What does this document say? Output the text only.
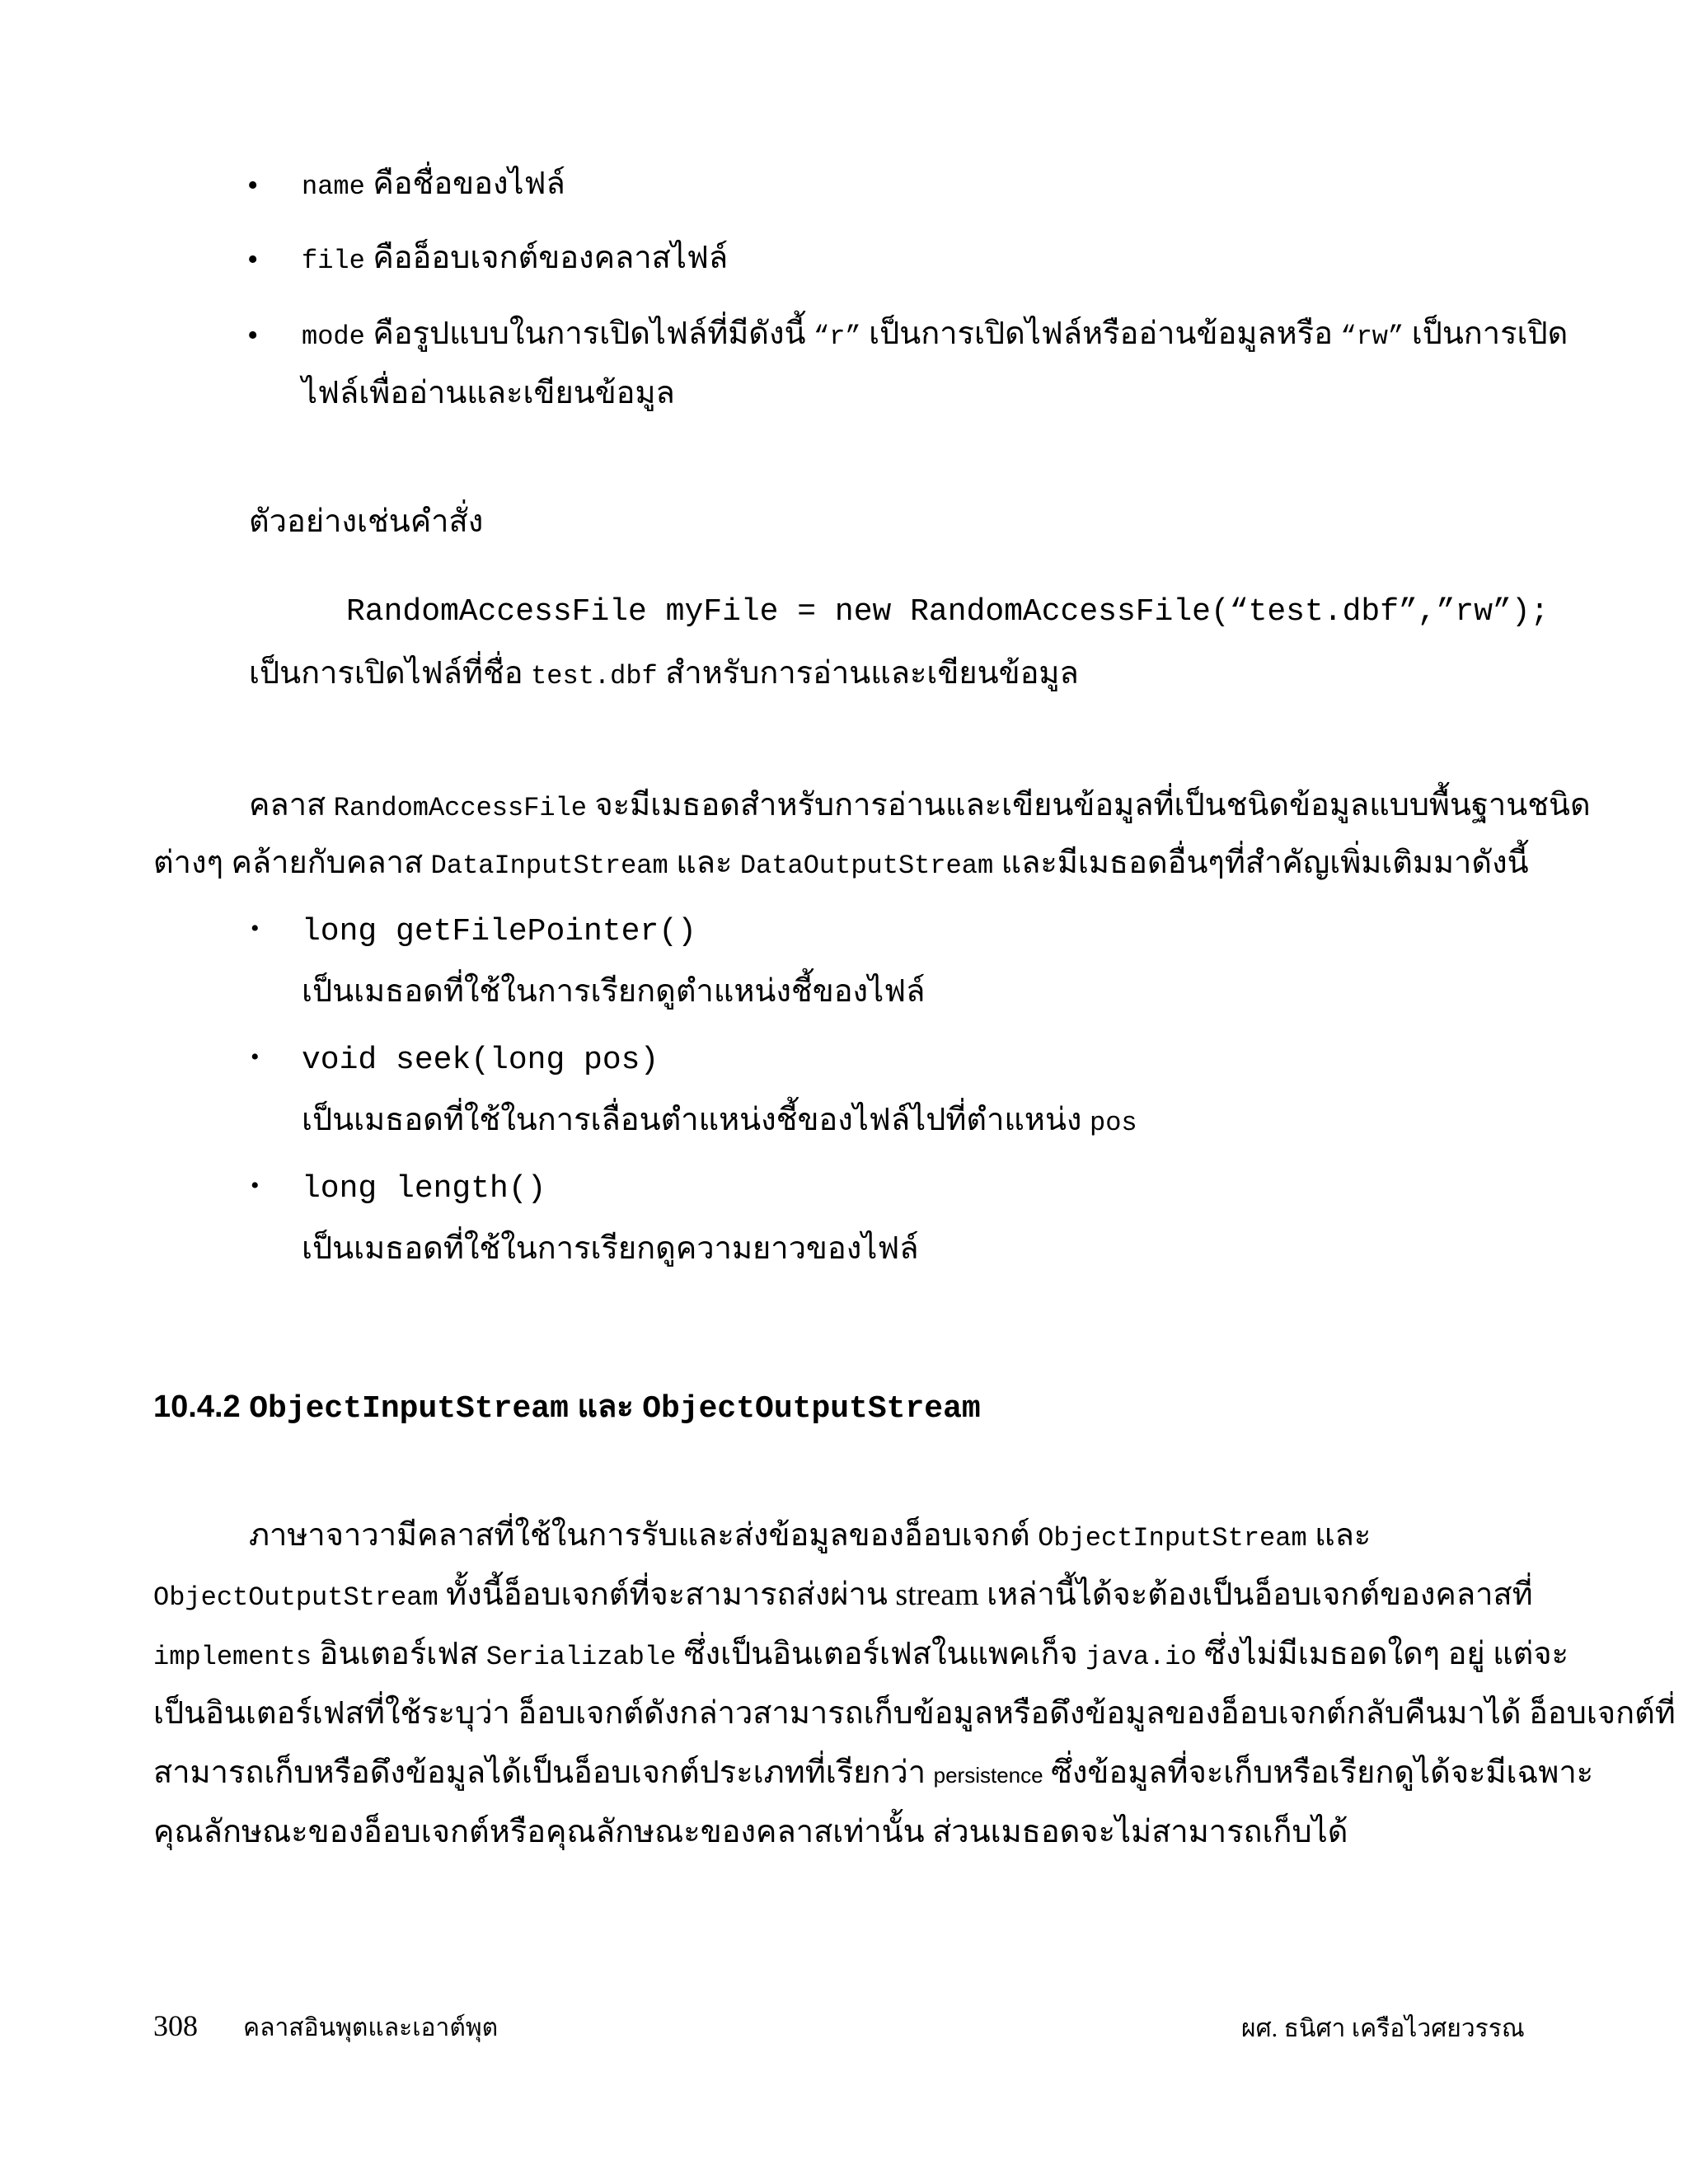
• name คือชื่อของไฟล์
• file คืออ็อบเจกต์ของคลาสไฟล์
• mode คือรูปแบบในการเปิดไฟล์ที่มีดังนี้ “r” เป็นการเปิดไฟล์หรืออ่านข้อมูลหรือ “rw” เป็นการเปิด
ไฟล์เพื่ออ่านและเขียนข้อมูล
ตัวอย่างเช่นคำสั่ง
RandomAccessFile myFile = new RandomAccessFile(“test.dbf”,”rw”);
เป็นการเปิดไฟล์ที่ชื่อ test.dbf สำหรับการอ่านและเขียนข้อมูล
คลาส RandomAccessFile จะมีเมธอดสำหรับการอ่านและเขียนข้อมูลที่เป็นชนิดข้อมูลแบบพื้นฐานชนิด
ต่างๆ คล้ายกับคลาส DataInputStream และ DataOutputStream และมีเมธอดอื่นๆที่สำคัญเพิ่มเติมมาดังนี้
• long getFilePointer()
เป็นเมธอดที่ใช้ในการเรียกดูตำแหน่งชี้ของไฟล์
• void seek(long pos)
เป็นเมธอดที่ใช้ในการเลื่อนตำแหน่งชี้ของไฟล์ไปที่ตำแหน่ง pos
• long length()
เป็นเมธอดที่ใช้ในการเรียกดูความยาวของไฟล์
10.4.2 ObjectInputStream และ ObjectOutputStream
ภาษาจาวามีคลาสที่ใช้ในการรับและส่งข้อมูลของอ็อบเจกต์ ObjectInputStream และ
ObjectOutputStream ทั้งนี้อ็อบเจกต์ที่จะสามารถส่งผ่าน stream เหล่านี้ได้จะต้องเป็นอ็อบเจกต์ของคลาสที่
implements อินเตอร์เฟส Serializable ซึ่งเป็นอินเตอร์เฟสในแพคเก็จ java.io ซึ่งไม่มีเมธอดใดๆ อยู่ แต่จะ
เป็นอินเตอร์เฟสที่ใช้ระบุว่า อ็อบเจกต์ดังกล่าวสามารถเก็บข้อมูลหรือดึงข้อมูลของอ็อบเจกต์กลับคืนมาได้ อ็อบเจกต์ที่
สามารถเก็บหรือดึงข้อมูลได้เป็นอ็อบเจกต์ประเภทที่เรียกว่า persistence ซึ่งข้อมูลที่จะเก็บหรือเรียกดูได้จะมีเฉพาะ
คุณลักษณะของอ็อบเจกต์หรือคุณลักษณะของคลาสเท่านั้น ส่วนเมธอดจะไม่สามารถเก็บได้
308 คลาสอินพุตและเอาต์พุต	ผศ. ธนิศา เครือไวศยวรรณ
